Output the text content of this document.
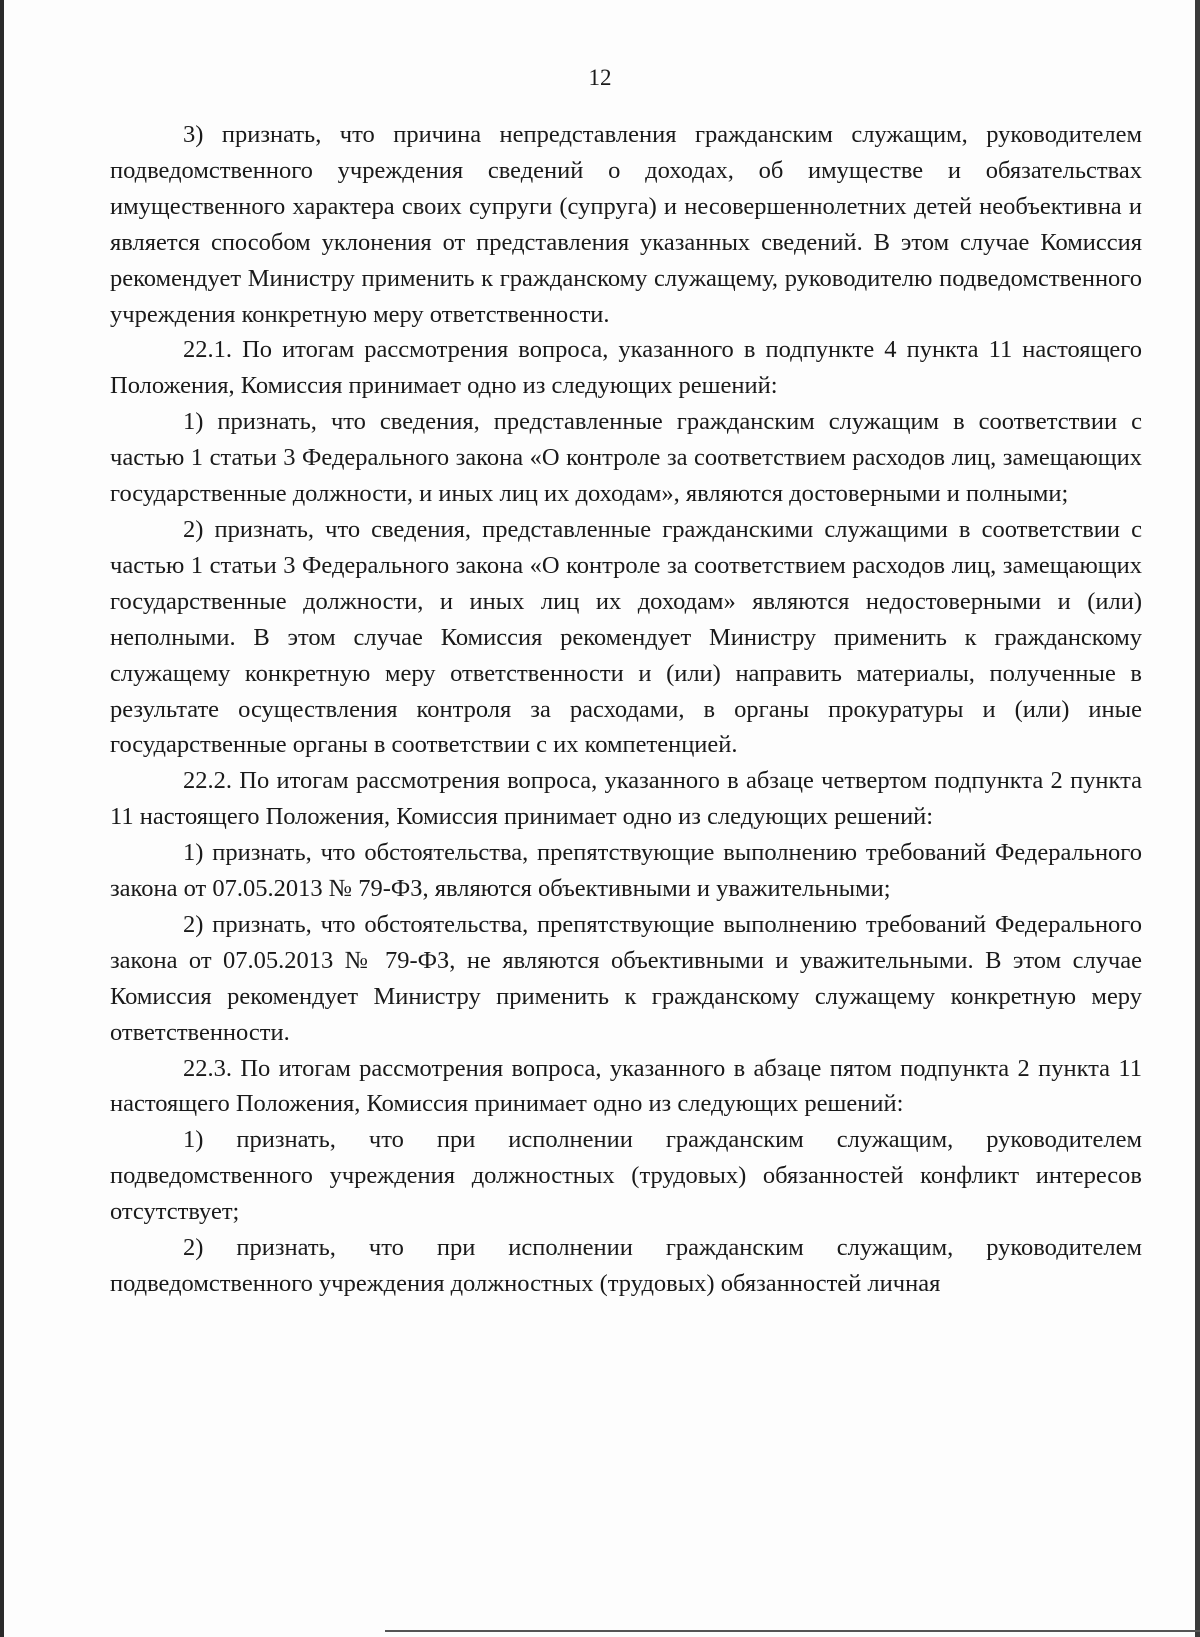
12

3) признать, что причина непредставления гражданским служащим, руководителем подведомственного учреждения сведений о доходах, об имуществе и обязательствах имущественного характера своих супруги (супруга) и несовершеннолетних детей необъективна и является способом уклонения от представления указанных сведений. В этом случае Комиссия рекомендует Министру применить к гражданскому служащему, руководителю подведомственного учреждения конкретную меру ответственности.

22.1. По итогам рассмотрения вопроса, указанного в подпункте 4 пункта 11 настоящего Положения, Комиссия принимает одно из следующих решений:

1) признать, что сведения, представленные гражданским служащим в соответствии с частью 1 статьи 3 Федерального закона «О контроле за соответствием расходов лиц, замещающих государственные должности, и иных лиц их доходам», являются достоверными и полными;

2) признать, что сведения, представленные гражданскими служащими в соответствии с частью 1 статьи 3 Федерального закона «О контроле за соответствием расходов лиц, замещающих государственные должности, и иных лиц их доходам» являются недостоверными и (или) неполными. В этом случае Комиссия рекомендует Министру применить к гражданскому служащему конкретную меру ответственности и (или) направить материалы, полученные в результате осуществления контроля за расходами, в органы прокуратуры и (или) иные государственные органы в соответствии с их компетенцией.

22.2. По итогам рассмотрения вопроса, указанного в абзаце четвертом подпункта 2 пункта 11 настоящего Положения, Комиссия принимает одно из следующих решений:

1) признать, что обстоятельства, препятствующие выполнению требований Федерального закона от 07.05.2013 № 79-ФЗ, являются объективными и уважительными;

2) признать, что обстоятельства, препятствующие выполнению требований Федерального закона от 07.05.2013 № 79-ФЗ, не являются объективными и уважительными. В этом случае Комиссия рекомендует Министру применить к гражданскому служащему конкретную меру ответственности.

22.3. По итогам рассмотрения вопроса, указанного в абзаце пятом подпункта 2 пункта 11 настоящего Положения, Комиссия принимает одно из следующих решений:

1) признать, что при исполнении гражданским служащим, руководителем подведомственного учреждения должностных (трудовых) обязанностей конфликт интересов отсутствует;

2) признать, что при исполнении гражданским служащим, руководителем подведомственного учреждения должностных (трудовых) обязанностей личная
